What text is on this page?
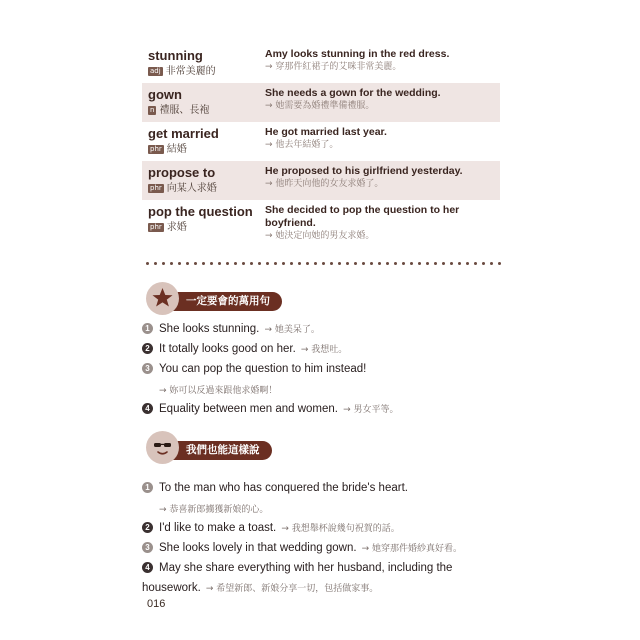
stunning
adj 非常美麗的
Amy looks stunning in the red dress.
→ 穿那件紅裙子的艾咪非常美麗。
gown
n 禮服、長袍
She needs a gown for the wedding.
→ 她需要為婚禮準備禮服。
get married
phr 結婚
He got married last year.
→ 他去年結婚了。
propose to
phr 向某人求婚
He proposed to his girlfriend yesterday.
→ 他昨天向他的女友求婚了。
pop the question
phr 求婚
She decided to pop the question to her boyfriend.
→ 她決定向她的男友求婚。
一定要會的萬用句
1 She looks stunning. → 她美呆了。
2 It totally looks good on her. → 我想吐。
3 You can pop the question to him instead!
→ 妳可以反過來跟他求婚啊！
4 Equality between men and women. → 男女平等。
我們也能這樣說
1 To the man who has conquered the bride's heart.
→ 恭喜新郎擄獲新娘的心。
2 I'd like to make a toast. → 我想舉杯說幾句祝賀的話。
3 She looks lovely in that wedding gown. → 她穿那件婚紗真好看。
4 May she share everything with her husband, including the housework. → 希望新郎、新娘分享一切，包括做家事。
016
